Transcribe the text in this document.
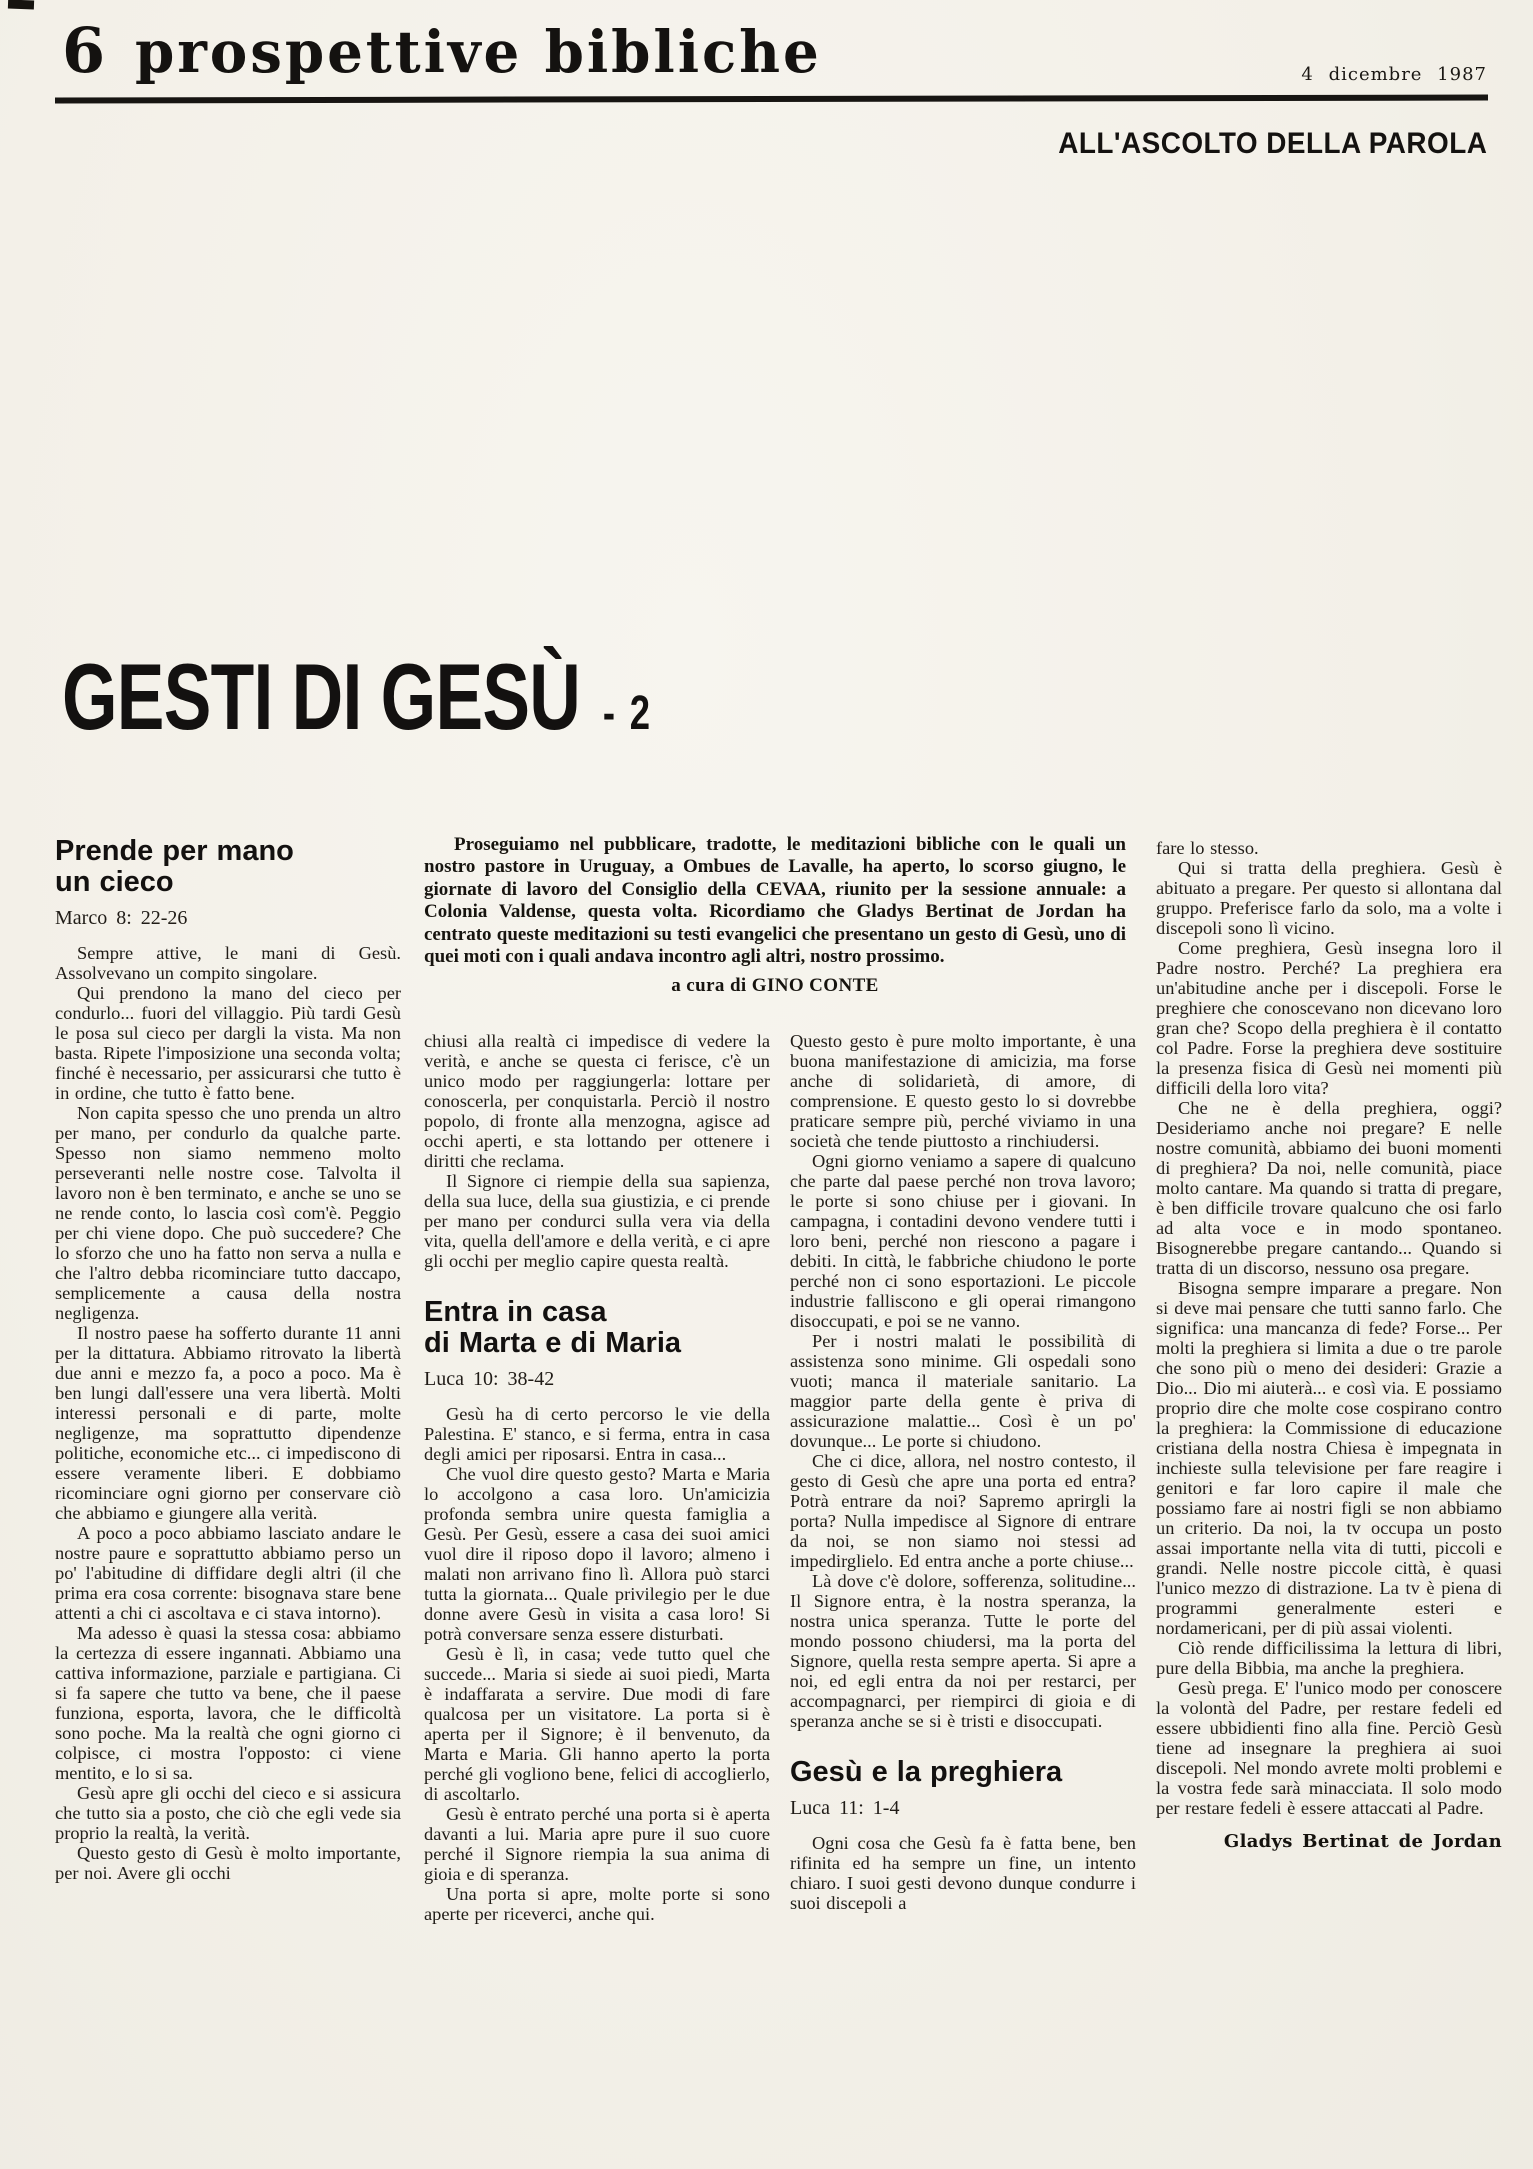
6 prospettive bibliche	4 dicembre 1987
ALL'ASCOLTO DELLA PAROLA
GESTI DI GESÙ - 2

Proseguiamo nel pubblicare, tradotte, le meditazioni bibliche con le quali un nostro pastore in Uruguay, a Ombues de Lavalle, ha aperto, lo scorso giugno, le giornate di lavoro del Consiglio della CEVAA, riunito per la sessione annuale: a Colonia Valdense, questa volta. Ricordiamo che Gladys Bertinat de Jordan ha centrato queste meditazioni su testi evangelici che presentano un gesto di Gesù, uno di quei moti con i quali andava incontro agli altri, nostro prossimo.

a cura di GINO CONTE
Prende per mano
un cieco
Marco 8: 22-26

Sempre attive, le mani di Gesù. Assolvevano un compito singolare.

Qui prendono la mano del cieco per condurlo... fuori del villaggio. Più tardi Gesù le posa sul cieco per dargli la vista. Ma non basta. Ripete l'imposizione una seconda volta; finché è necessario, per assicurarsi che tutto è in ordine, che tutto è fatto bene.

Non capita spesso che uno prenda un altro per mano, per condurlo da qualche parte. Spesso non siamo nemmeno molto perseveranti nelle nostre cose. Talvolta il lavoro non è ben terminato, e anche se uno se ne rende conto, lo lascia così com'è. Peggio per chi viene dopo. Che può succedere? Che lo sforzo che uno ha fatto non serva a nulla e che l'altro debba ricominciare tutto daccapo, semplicemente a causa della nostra negligenza.

Il nostro paese ha sofferto durante 11 anni per la dittatura. Abbiamo ritrovato la libertà due anni e mezzo fa, a poco a poco. Ma è ben lungi dall'essere una vera libertà. Molti interessi personali e di parte, molte negligenze, ma soprattutto dipendenze politiche, economiche etc... ci impediscono di essere veramente liberi. E dobbiamo ricominciare ogni giorno per conservare ciò che abbiamo e giungere alla verità.

A poco a poco abbiamo lasciato andare le nostre paure e soprattutto abbiamo perso un po' l'abitudine di diffidare degli altri (il che prima era cosa corrente: bisognava stare bene attenti a chi ci ascoltava e ci stava intorno).

Ma adesso è quasi la stessa cosa: abbiamo la certezza di essere ingannati. Abbiamo una cattiva informazione, parziale e partigiana. Ci si fa sapere che tutto va bene, che il paese funziona, esporta, lavora, che le difficoltà sono poche. Ma la realtà che ogni giorno ci colpisce, ci mostra l'opposto: ci viene mentito, e lo si sa.

Gesù apre gli occhi del cieco e si assicura che tutto sia a posto, che ciò che egli vede sia proprio la realtà, la verità.

Questo gesto di Gesù è molto importante, per noi. Avere gli occhi

chiusi alla realtà ci impedisce di vedere la verità, e anche se questa ci ferisce, c'è un unico modo per raggiungerla: lottare per conoscerla, per conquistarla. Perciò il nostro popolo, di fronte alla menzogna, agisce ad occhi aperti, e sta lottando per ottenere i diritti che reclama.

Il Signore ci riempie della sua sapienza, della sua luce, della sua giustizia, e ci prende per mano per condurci sulla vera via della vita, quella dell'amore e della verità, e ci apre gli occhi per meglio capire questa realtà.

Entra in casa
di Marta e di Maria
Luca 10: 38-42

Gesù ha di certo percorso le vie della Palestina. E' stanco, e si ferma, entra in casa degli amici per riposarsi. Entra in casa...

Che vuol dire questo gesto? Marta e Maria lo accolgono a casa loro. Un'amicizia profonda sembra unire questa famiglia a Gesù. Per Gesù, essere a casa dei suoi amici vuol dire il riposo dopo il lavoro; almeno i malati non arrivano fino lì. Allora può starci tutta la giornata... Quale privilegio per le due donne avere Gesù in visita a casa loro! Si potrà conversare senza essere disturbati.

Gesù è lì, in casa; vede tutto quel che succede... Maria si siede ai suoi piedi, Marta è indaffarata a servire. Due modi di fare qualcosa per un visitatore. La porta si è aperta per il Signore; è il benvenuto, da Marta e Maria. Gli hanno aperto la porta perché gli vogliono bene, felici di accoglierlo, di ascoltarlo.

Gesù è entrato perché una porta si è aperta davanti a lui. Maria apre pure il suo cuore perché il Signore riempia la sua anima di gioia e di speranza.

Una porta si apre, molte porte si sono aperte per riceverci, anche qui.

Questo gesto è pure molto importante, è una buona manifestazione di amicizia, ma forse anche di solidarietà, di amore, di comprensione. E questo gesto lo si dovrebbe praticare sempre più, perché viviamo in una società che tende piuttosto a rinchiudersi.

Ogni giorno veniamo a sapere di qualcuno che parte dal paese perché non trova lavoro; le porte si sono chiuse per i giovani. In campagna, i contadini devono vendere tutti i loro beni, perché non riescono a pagare i debiti. In città, le fabbriche chiudono le porte perché non ci sono esportazioni. Le piccole industrie falliscono e gli operai rimangono disoccupati, e poi se ne vanno.

Per i nostri malati le possibilità di assistenza sono minime. Gli ospedali sono vuoti; manca il materiale sanitario. La maggior parte della gente è priva di assicurazione malattie... Così è un po' dovunque... Le porte si chiudono.

Che ci dice, allora, nel nostro contesto, il gesto di Gesù che apre una porta ed entra? Potrà entrare da noi? Sapremo aprirgli la porta? Nulla impedisce al Signore di entrare da noi, se non siamo noi stessi ad impedirglielo. Ed entra anche a porte chiuse...

Là dove c'è dolore, sofferenza, solitudine... Il Signore entra, è la nostra speranza, la nostra unica speranza. Tutte le porte del mondo possono chiudersi, ma la porta del Signore, quella resta sempre aperta. Si apre a noi, ed egli entra da noi per restarci, per accompagnarci, per riempirci di gioia e di speranza anche se si è tristi e disoccupati.

Gesù e la preghiera
Luca 11: 1-4

Ogni cosa che Gesù fa è fatta bene, ben rifinita ed ha sempre un fine, un intento chiaro. I suoi gesti devono dunque condurre i suoi discepoli a

fare lo stesso.

Qui si tratta della preghiera. Gesù è abituato a pregare. Per questo si allontana dal gruppo. Preferisce farlo da solo, ma a volte i discepoli sono lì vicino.

Come preghiera, Gesù insegna loro il Padre nostro. Perché? La preghiera era un'abitudine anche per i discepoli. Forse le preghiere che conoscevano non dicevano loro gran che? Scopo della preghiera è il contatto col Padre. Forse la preghiera deve sostituire la presenza fisica di Gesù nei momenti più difficili della loro vita?

Che ne è della preghiera, oggi? Desideriamo anche noi pregare? E nelle nostre comunità, abbiamo dei buoni momenti di preghiera? Da noi, nelle comunità, piace molto cantare. Ma quando si tratta di pregare, è ben difficile trovare qualcuno che osi farlo ad alta voce e in modo spontaneo. Bisognerebbe pregare cantando... Quando si tratta di un discorso, nessuno osa pregare.

Bisogna sempre imparare a pregare. Non si deve mai pensare che tutti sanno farlo. Che significa: una mancanza di fede? Forse... Per molti la preghiera si limita a due o tre parole che sono più o meno dei desideri: Grazie a Dio... Dio mi aiuterà... e così via. E possiamo proprio dire che molte cose cospirano contro la preghiera: la Commissione di educazione cristiana della nostra Chiesa è impegnata in inchieste sulla televisione per fare reagire i genitori e far loro capire il male che possiamo fare ai nostri figli se non abbiamo un criterio. Da noi, la tv occupa un posto assai importante nella vita di tutti, piccoli e grandi. Nelle nostre piccole città, è quasi l'unico mezzo di distrazione. La tv è piena di programmi generalmente esteri e nordamericani, per di più assai violenti.

Ciò rende difficilissima la lettura di libri, pure della Bibbia, ma anche la preghiera.

Gesù prega. E' l'unico modo per conoscere la volontà del Padre, per restare fedeli ed essere ubbidienti fino alla fine. Perciò Gesù tiene ad insegnare la preghiera ai suoi discepoli. Nel mondo avrete molti problemi e la vostra fede sarà minacciata. Il solo modo per restare fedeli è essere attaccati al Padre.

Gladys Bertinat de Jordan
